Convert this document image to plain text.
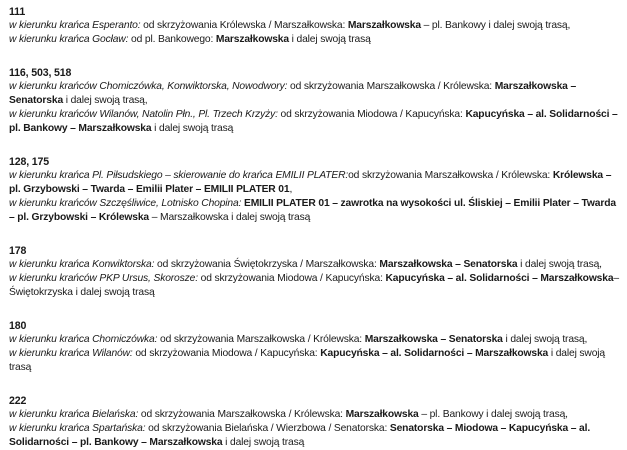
111

w kierunku krańca Esperanto: od skrzyżowania Królewska / Marszałkowska: Marszałkowska – pl. Bankowy i dalej swoją trasą,

w kierunku krańca Gocław: od pl. Bankowego: Marszałkowska i dalej swoją trasą

116, 503, 518

w kierunku krańców Chomiczówka, Konwiktorska, Nowodwory: od skrzyżowania Marszałkowska / Królewska: Marszałkowska – Senatorska i dalej swoją trasą,

w kierunku krańców Wilanów, Natolin Płn., Pl. Trzech Krzyży: od skrzyżowania Miodowa / Kapucyńska: Kapucyńska – al. Solidarności – pl. Bankowy – Marszałkowska i dalej swoją trasą

128, 175

w kierunku krańca Pl. Piłsudskiego – skierowanie do krańca EMILII PLATER:od skrzyżowania Marszałkowska / Królewska: Królewska – pl. Grzybowski – Twarda – Emilii Plater – EMILII PLATER 01,

w kierunku krańców Szczęśliwice, Lotnisko Chopina: EMILII PLATER 01 – zawrotka na wysokości ul. Śliskiej – Emilii Plater – Twarda – pl. Grzybowski – Królewska – Marszałkowska i dalej swoją trasą

178

w kierunku krańca Konwiktorska: od skrzyżowania Świętokrzyska / Marszałkowska: Marszałkowska – Senatorska i dalej swoją trasą,

w kierunku krańców PKP Ursus, Skorosze: od skrzyżowania Miodowa / Kapucyńska: Kapucyńska – al. Solidarności – Marszałkowska– Świętokrzyska i dalej swoją trasą

180

w kierunku krańca Chomiczówka: od skrzyżowania Marszałkowska / Królewska: Marszałkowska – Senatorska i dalej swoją trasą,

w kierunku krańca Wilanów: od skrzyżowania Miodowa / Kapucyńska: Kapucyńska – al. Solidarności – Marszałkowska i dalej swoją trasą

222

w kierunku krańca Bielańska: od skrzyżowania Marszałkowska / Królewska: Marszałkowska – pl. Bankowy i dalej swoją trasą,

w kierunku krańca Spartańska: od skrzyżowania Bielańska / Wierzbowa / Senatorska: Senatorska – Miodowa – Kapucyńska – al. Solidarności – pl. Bankowy – Marszałkowska i dalej swoją trasą
